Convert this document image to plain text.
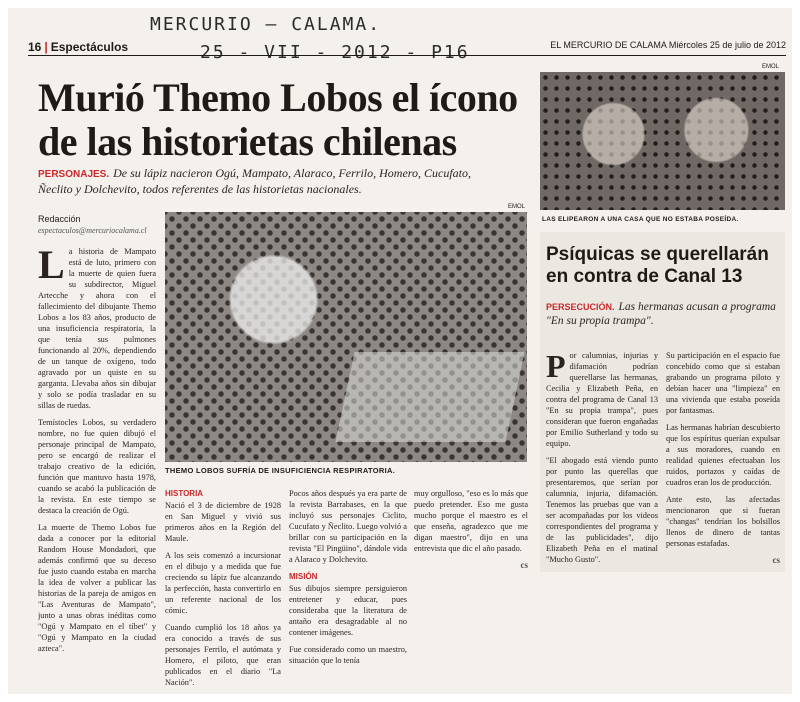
MERCURIO — CALAMA.
25 - VII - 2012 - P16
16 | Espectáculos	EL MERCURIO DE CALAMA Miércoles 25 de julio de 2012
Murió Themo Lobos el ícono de las historietas chilenas
PERSONAJES. De su lápiz nacieron Ogú, Mampato, Alaraco, Ferrilo, Homero, Cucufato, Ñeclito y Dolchevito, todos referentes de las historietas nacionales.
Redacción
espectaculos@mercuriocalama.cl

La historia de Mampato está de luto, primero con la muerte de quien fuera su subdirector, Miguel Artecche y ahora con el fallecimiento del dibujante Themo Lobos a los 83 años, producto de una insuficiencia respiratoria, la que tenía sus pulmones funcionando al 20%, dependiendo de un tanque de oxígeno, todo agravado por un quiste en su garganta. Llevaba años sin dibujar y solo se podía trasladar en su sillas de ruedas.

Temístocles Lobos, su verdadero nombre, no fue quien dibujó el personaje principal de Mampato, pero se encargó de realizar el trabajo creativo de la edición, función que mantuvo hasta 1978, cuando se acabó la publicación de la revista. En este tiempo se destaca la creación de Ogú.

La muerte de Themo Lobos fue dada a conocer por la editorial Random House Mondadori, que además confirmó que su deceso fue justo cuando estaba en marcha la idea de volver a publicar las historias de la pareja de amigos en "Las Aventuras de Mampato", junto a unas obras inéditas como "Ogú y Mampato en el tíbet" y "Ogú y Mampato en la ciudad azteca".

EMOL
THEMO LOBOS SUFRÍA DE INSUFICIENCIA RESPIRATORIA.
HISTORIA

Nació el 3 de diciembre de 1928 en San Miguel y vivió sus primeros años en la Región del Maule.

A los seis comenzó a incursionar en el dibujo y a medida que fue creciendo su lápiz fue alcanzando la perfección, hasta convertirlo en un referente nacional de los cómic.

Cuando cumplió los 18 años ya era conocido a través de sus personajes Ferrilo, el autómata y Homero, el piloto, que eran publicados en el diario "La Nación".

Pocos años después ya era parte de la revista Barrabases, en la que incluyó sus personajes Ciclito, Cucufato y Ñeclito. Luego volvió a brillar con su participación en la revista "El Pingüino", dándole vida a Alaraco y Dolchevito.

MISIÓN

Sus dibujos siempre persiguieron entretener y educar, pues consideraba que la literatura de antaño era desagradable al no contener imágenes.

Fue considerado como un maestro, situación que lo tenía

muy orgulloso, "eso es lo más que puedo pretender. Eso me gusta mucho porque el maestro es el que enseña, agradezco que me digan maestro", dijo en una entrevista que dic el año pasado.

cs
EMOL
LAS ELIPEARON A UNA CASA QUE NO ESTABA POSEÍDA.
Psíquicas se querellarán en contra de Canal 13
PERSECUCIÓN. Las hermanas acusan a programa "En su propia trampa".

Por calumnias, injurias y difamación podrían querellarse las hermanas, Cecilia y Elizabeth Peña, en contra del programa de Canal 13 "En su propia trampa", pues consideran que fueron engañadas por Emilio Sutherland y todo su equipo.

"El abogado está viendo punto por punto las querellas que presentaremos, que serían por calumnia, injuria, difamación. Tenemos las pruebas que van a ser acompañadas por los videos correspondientes del programa y de las publicidades", dijo Elizabeth Peña en el matinal "Mucho Gusto".

Su participación en el espacio fue concebido como que si estaban grabando un programa piloto y debían hacer una "limpieza" en una vivienda que estaba poseída por fantasmas.

Las hermanas habrían descubierto que los espíritus querían expulsar a sus moradores, cuando en realidad quienes efectuaban los ruidos, portazos y caídas de cuadros eran los de producción.

Ante esto, las afectadas mencionaron que si fueran "changas" tendrían los bolsillos llenos de dinero de tantas personas estafadas.

cs
